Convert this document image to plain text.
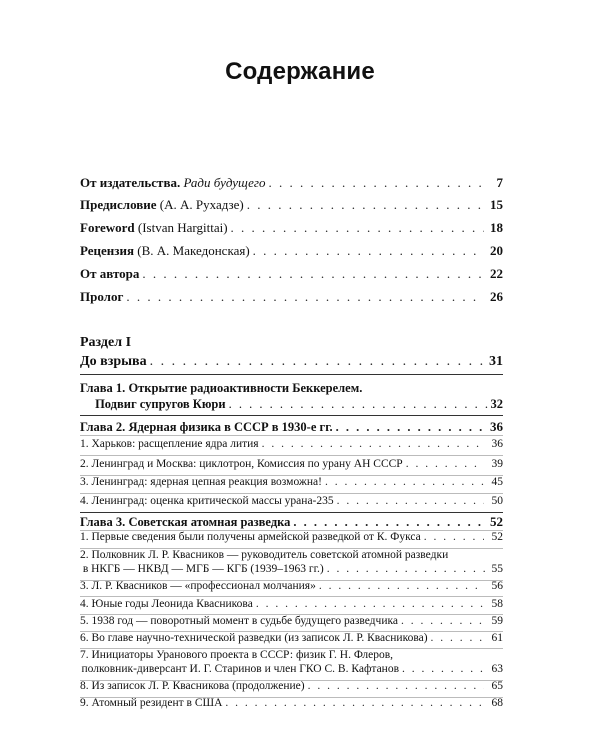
Содержание
От издательства. Ради будущего . . .	7
Предисловие (А. А. Рухадзе) . . .	15
Foreword (Istvan Hargittai) . . .	18
Рецензия (В. А. Македонская) . . .	20
От автора . . .	22
Пролог . . .	26
Раздел I
До взрыва . . .	31
Глава 1.
Открытие радиоактивности Беккерелем.
Подвиг супругов Кюри . . .	32
Глава 2. Ядерная физика в СССР в 1930-е гг. . . .	36
1. Харьков: расщепление ядра лития . . .	36
2. Ленинград и Москва: циклотрон, Комиссия по урану АН СССР . . .	39
3. Ленинград: ядерная цепная реакция возможна! . . .	45
4. Ленинград: оценка критической массы урана-235 . . .	50
Глава 3. Советская атомная разведка . . .	52
1. Первые сведения были получены армейской разведкой от К. Фукса . . .	52
2. Полковник Л. Р. Квасников — руководитель советской атомной разведки
в НКГБ — НКВД — МГБ — КГБ (1939–1963 гг.) . . .	55
3. Л. Р. Квасников — «профессионал молчания» . . .	56
4. Юные годы Леонида Квасникова . . .	58
5. 1938 год — поворотный момент в судьбе будущего разведчика . . .	59
6. Во главе научно-технической разведки (из записок Л. Р. Квасникова) . . .	61
7. Инициаторы Уранового проекта в СССР: физик Г. Н. Флеров,
полковник-диверсант И. Г. Старинов и член ГКО С. В. Кафтанов . . .	63
8. Из записок Л. Р. Квасникова (продолжение) . . .	65
9. Атомный резидент в США . . .	68
